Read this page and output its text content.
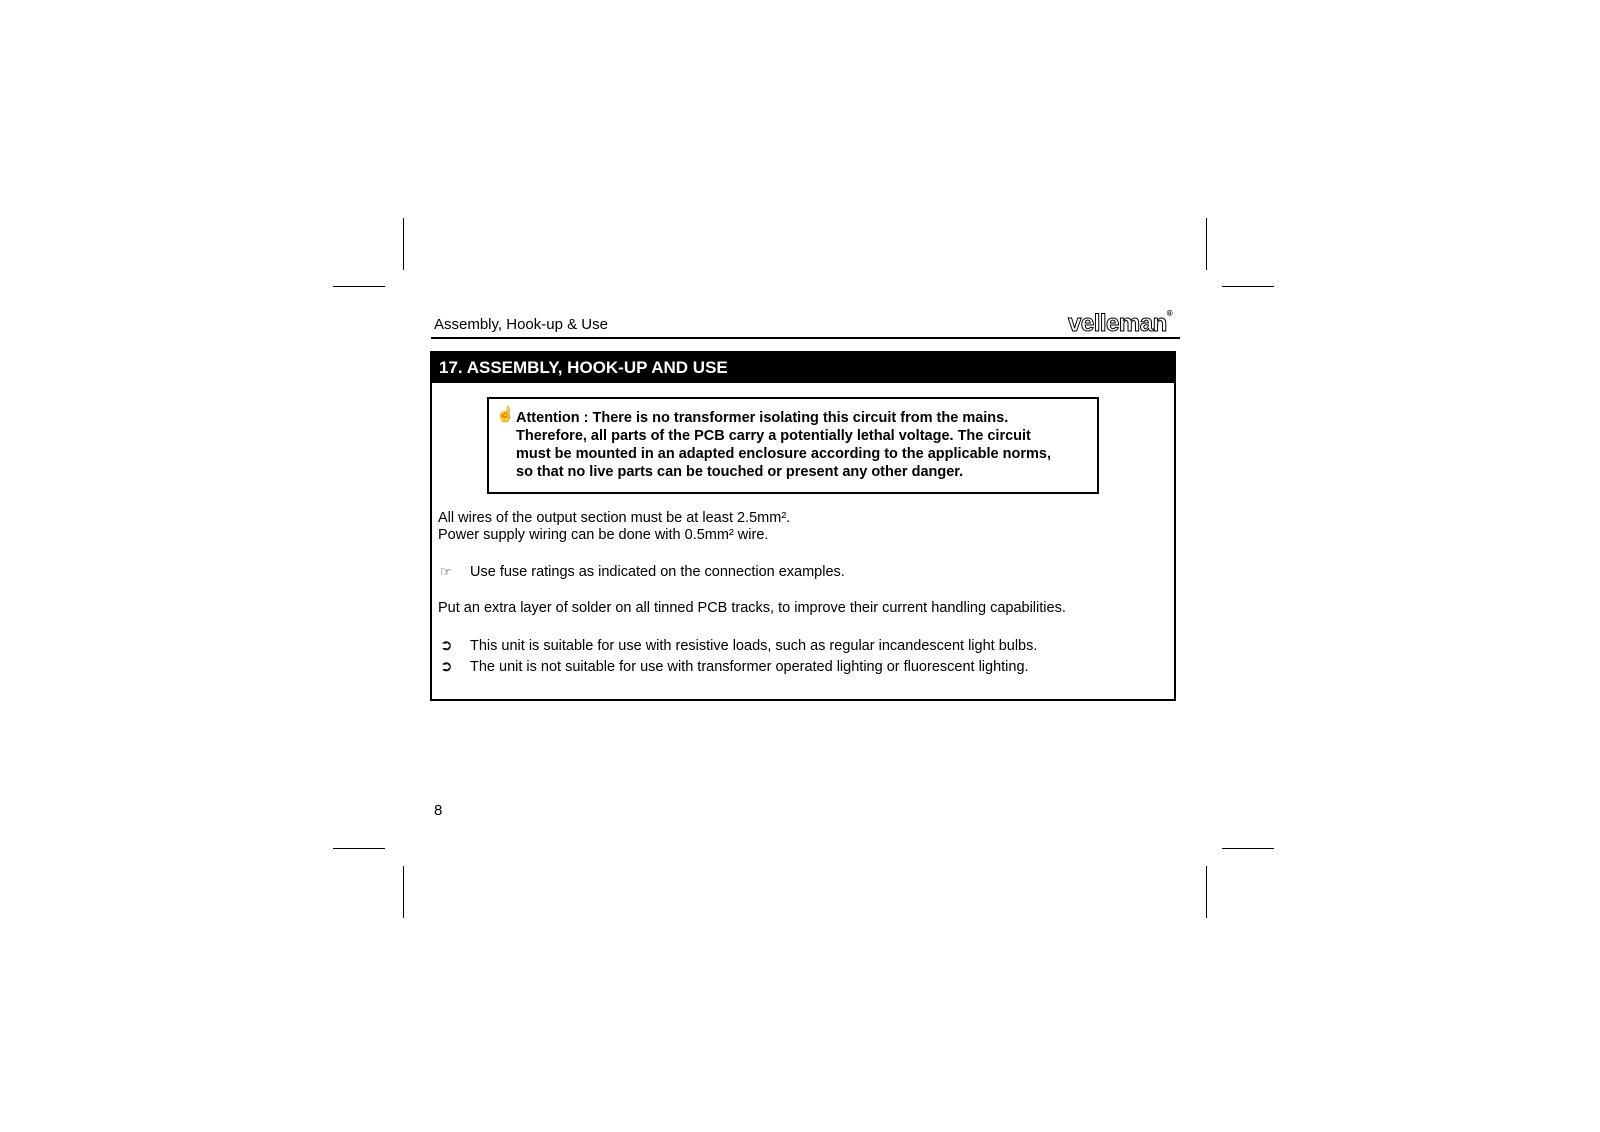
Assembly, Hook-up & Use	velleman®
17. ASSEMBLY, HOOK-UP AND USE
☝ Attention : There is no transformer isolating this circuit from the mains.
Therefore, all parts of the PCB carry a potentially lethal voltage. The circuit
must be mounted in an adapted enclosure according to the applicable norms,
so that no live parts can be touched or present any other danger.
All wires of the output section must be at least 2.5mm².
Power supply wiring can be done with 0.5mm² wire.
☞ Use fuse ratings as indicated on the connection examples.
Put an extra layer of solder on all tinned PCB tracks, to improve their current handling capabilities.
➲ This unit is suitable for use with resistive loads, such as regular incandescent light bulbs.
➲ The unit is not suitable for use with transformer operated lighting or fluorescent lighting.
8
